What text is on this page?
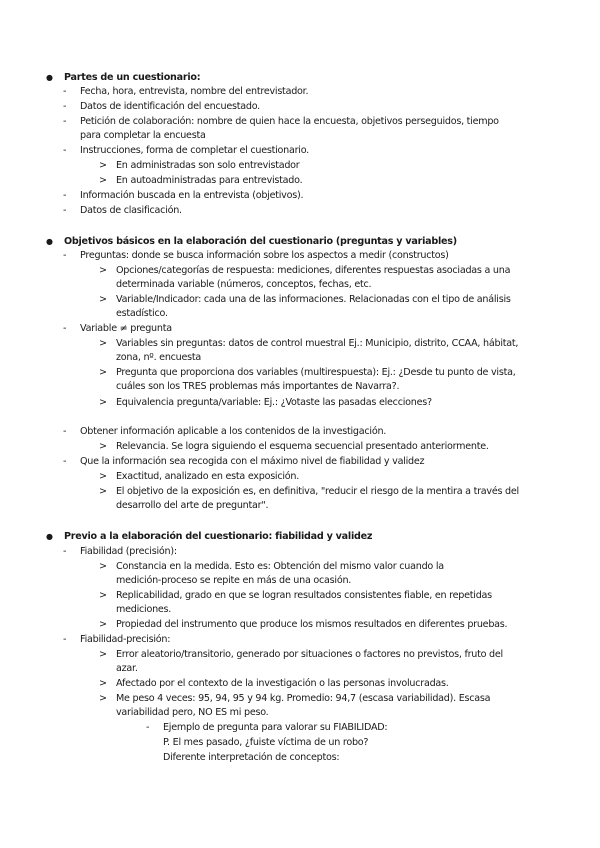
● Partes de un cuestionario:
- Fecha, hora, entrevista, nombre del entrevistador.
- Datos de identificación del encuestado.
- Petición de colaboración: nombre de quien hace la encuesta, objetivos perseguidos, tiempo
para completar la encuesta
- Instrucciones, forma de completar el cuestionario.
> En administradas son solo entrevistador
> En autoadministradas para entrevistado.
- Información buscada en la entrevista (objetivos).
- Datos de clasificación.
● Objetivos básicos en la elaboración del cuestionario (preguntas y variables)
- Preguntas: donde se busca información sobre los aspectos a medir (constructos)
> Opciones/categorías de respuesta: mediciones, diferentes respuestas asociadas a una
determinada variable (números, conceptos, fechas, etc.
> Variable/Indicador: cada una de las informaciones. Relacionadas con el tipo de análisis
estadístico.
- Variable ≠ pregunta
> Variables sin preguntas: datos de control muestral Ej.: Municipio, distrito, CCAA, hábitat,
zona, nº. encuesta
> Pregunta que proporciona dos variables (multirespuesta): Ej.: ¿Desde tu punto de vista,
cuáles son los TRES problemas más importantes de Navarra?.
> Equivalencia pregunta/variable: Ej.: ¿Votaste las pasadas elecciones?
- Obtener información aplicable a los contenidos de la investigación.
> Relevancia. Se logra siguiendo el esquema secuencial presentado anteriormente.
- Que la información sea recogida con el máximo nivel de fiabilidad y validez
> Exactitud, analizado en esta exposición.
> El objetivo de la exposición es, en definitiva, "reducir el riesgo de la mentira a través del
desarrollo del arte de preguntar".
● Previo a la elaboración del cuestionario: fiabilidad y validez
- Fiabilidad (precisión):
> Constancia en la medida. Esto es: Obtención del mismo valor cuando la
medición-proceso se repite en más de una ocasión.
> Replicabilidad, grado en que se logran resultados consistentes fiable, en repetidas
mediciones.
> Propiedad del instrumento que produce los mismos resultados en diferentes pruebas.
- Fiabilidad-precisión:
> Error aleatorio/transitorio, generado por situaciones o factores no previstos, fruto del
azar.
> Afectado por el contexto de la investigación o las personas involucradas.
> Me peso 4 veces: 95, 94, 95 y 94 kg. Promedio: 94,7 (escasa variabilidad). Escasa
variabilidad pero, NO ES mi peso.
- Ejemplo de pregunta para valorar su FIABILIDAD:
P. El mes pasado, ¿fuiste víctima de un robo?
Diferente interpretación de conceptos:
